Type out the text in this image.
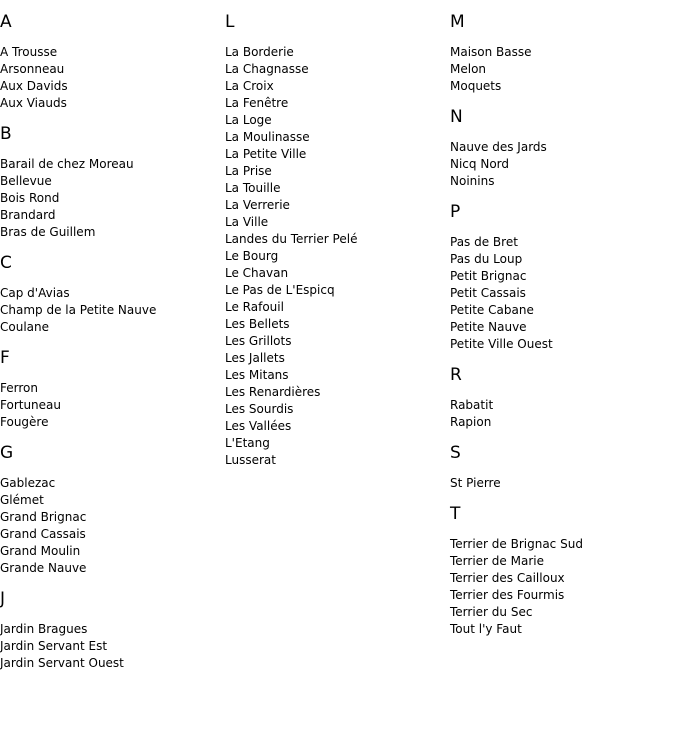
A
A Trousse
Arsonneau
Aux Davids
Aux Viauds
B
Barail de chez Moreau
Bellevue
Bois Rond
Brandard
Bras de Guillem
C
Cap d'Avias
Champ de la Petite Nauve
Coulane
F
Ferron
Fortuneau
Fougère
G
Gablezac
Glémet
Grand Brignac
Grand Cassais
Grand Moulin
Grande Nauve
J
Jardin Bragues
Jardin Servant Est
Jardin Servant Ouest
L
La Borderie
La Chagnasse
La Croix
La Fenêtre
La Loge
La Moulinasse
La Petite Ville
La Prise
La Touille
La Verrerie
La Ville
Landes du Terrier Pelé
Le Bourg
Le Chavan
Le Pas de L'Espicq
Le Rafouil
Les Bellets
Les Grillots
Les Jallets
Les Mitans
Les Renardières
Les Sourdis
Les Vallées
L'Etang
Lusserat
M
Maison Basse
Melon
Moquets
N
Nauve des Jards
Nicq Nord
Noinins
P
Pas de Bret
Pas du Loup
Petit Brignac
Petit Cassais
Petite Cabane
Petite Nauve
Petite Ville Ouest
R
Rabatit
Rapion
S
St Pierre
T
Terrier de Brignac Sud
Terrier de Marie
Terrier des Cailloux
Terrier des Fourmis
Terrier du Sec
Tout l'y Faut
